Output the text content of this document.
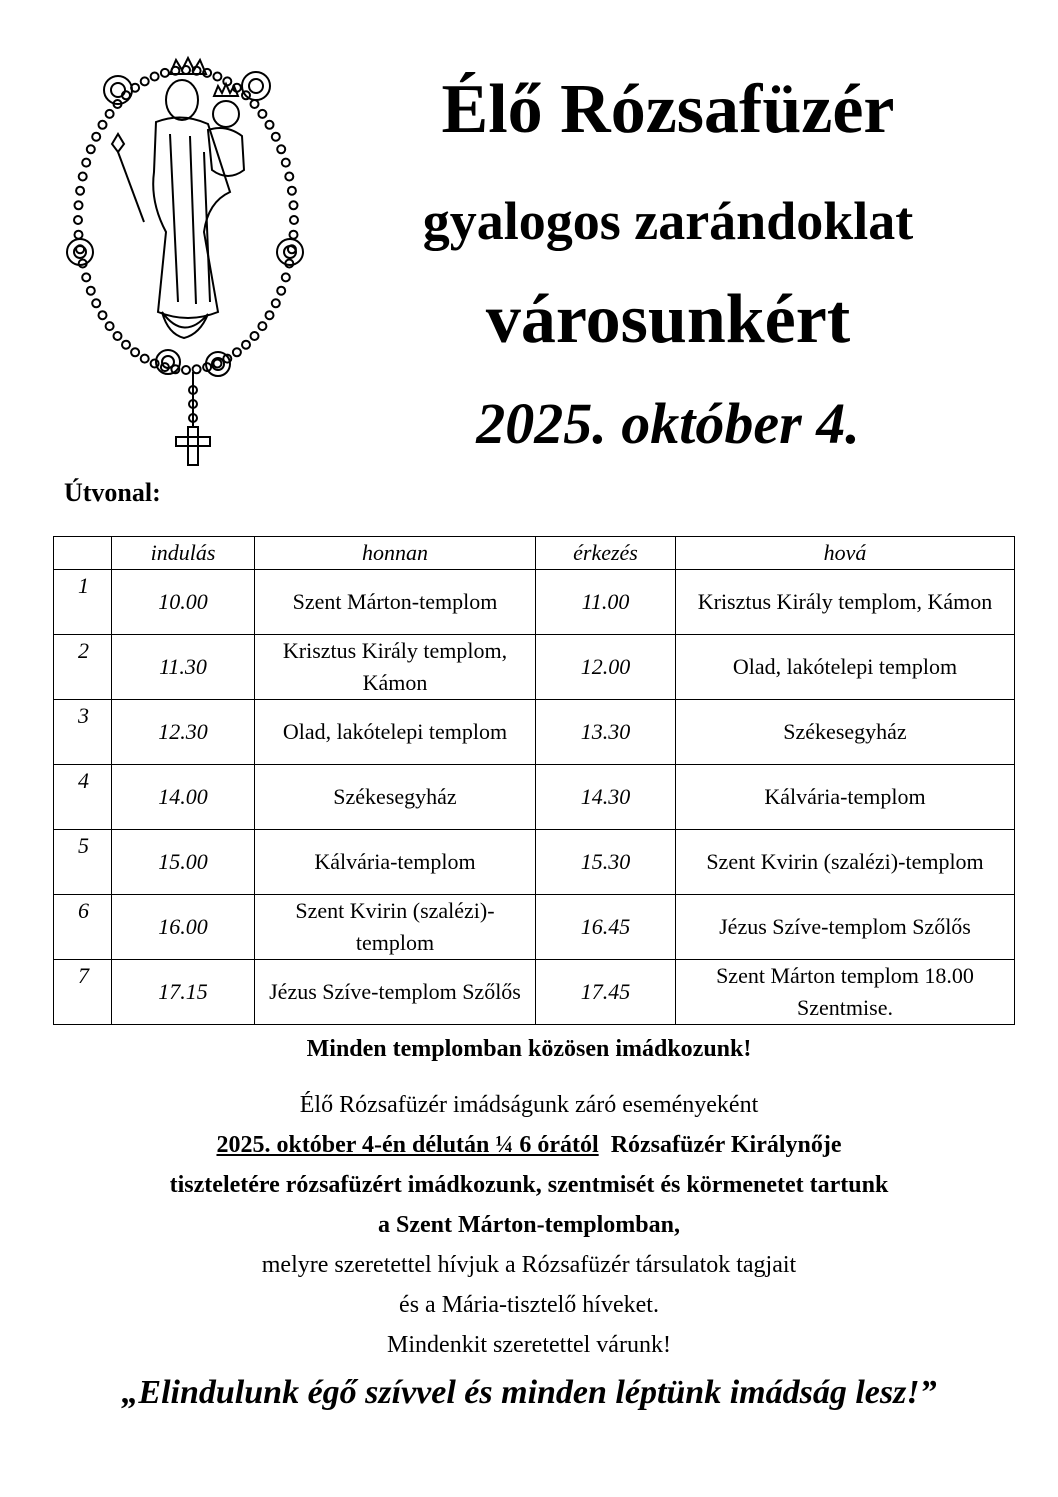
Élő Rózsafüzér
gyalogos zarándoklat
városunkért
2025. október 4.
Útvonal:
	indulás	honnan	érkezés	hová
1	10.00	Szent Márton-templom	11.00	Krisztus Király templom, Kámon
2	11.30	Krisztus Király templom, Kámon	12.00	Olad, lakótelepi templom
3	12.30	Olad, lakótelepi templom	13.30	Székesegyház
4	14.00	Székesegyház	14.30	Kálvária-templom
5	15.00	Kálvária-templom	15.30	Szent Kvirin (szalézi)-templom
6	16.00	Szent Kvirin (szalézi)-templom	16.45	Jézus Szíve-templom Szőlős
7	17.15	Jézus Szíve-templom Szőlős	17.45	Szent Márton templom 18.00 Szentmise.
Minden templomban közösen imádkozunk!
Élő Rózsafüzér imádságunk záró eseményeként
2025. október 4-én délután ¼ 6 órától Rózsafüzér Királynője
tiszteletére rózsafüzért imádkozunk, szentmisét és körmenetet tartunk
a Szent Márton-templomban,
melyre szeretettel hívjuk a Rózsafüzér társulatok tagjait
és a Mária-tisztelő híveket.
Mindenkit szeretettel várunk!
„Elindulunk égő szívvel és minden léptünk imádság lesz!”
